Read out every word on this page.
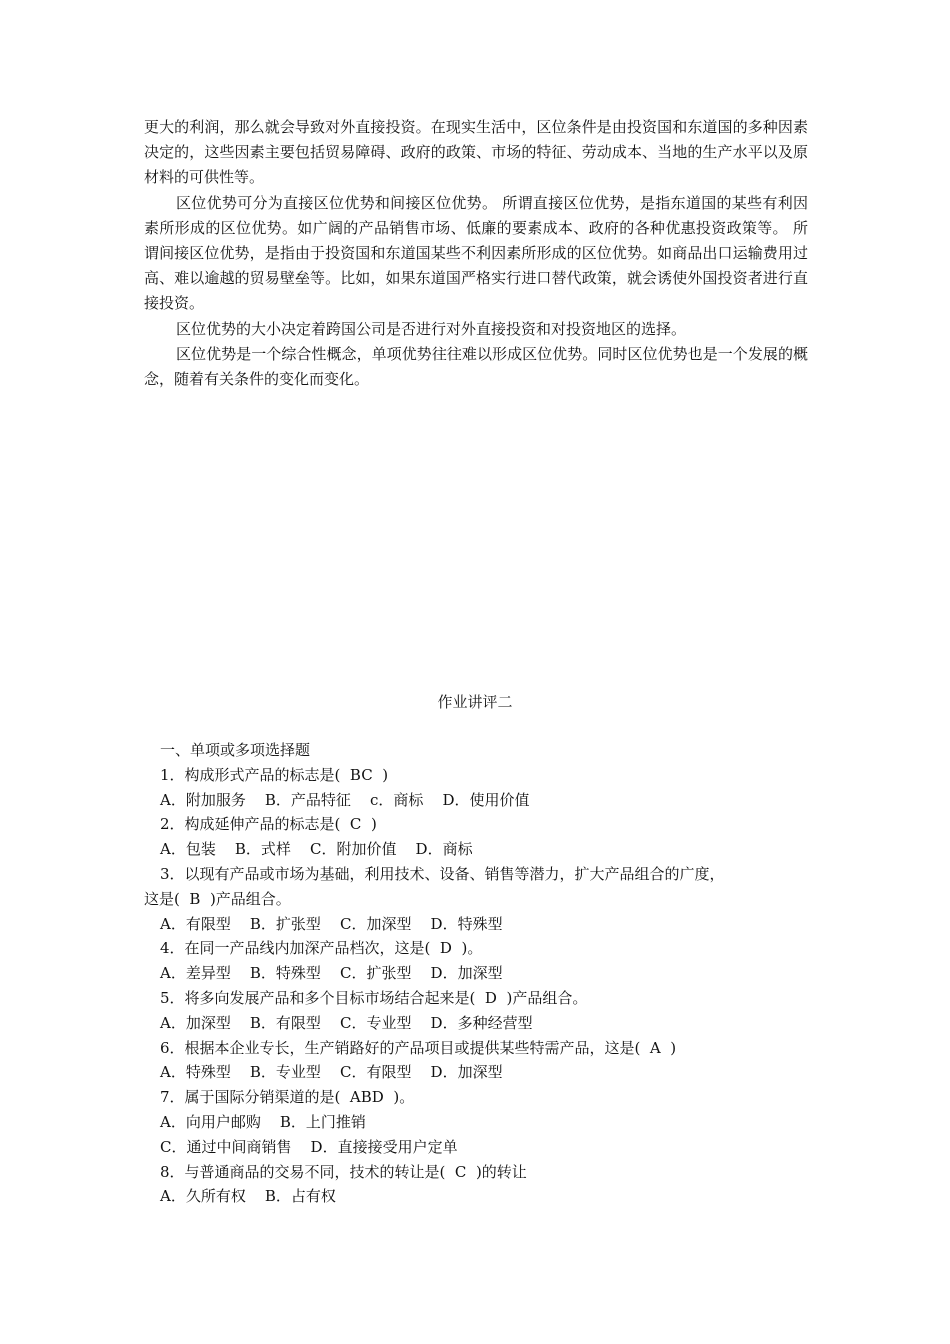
更大的利润，那么就会导致对外直接投资。在现实生活中，区位条件是由投资国和东道国的多种因素决定的，这些因素主要包括贸易障碍、政府的政策、市场的特征、劳动成本、当地的生产水平以及原材料的可供性等。

区位优势可分为直接区位优势和间接区位优势。 所谓直接区位优势，是指东道国的某些有利因素所形成的区位优势。如广阔的产品销售市场、低廉的要素成本、政府的各种优惠投资政策等。 所谓间接区位优势，是指由于投资国和东道国某些不利因素所形成的区位优势。如商品出口运输费用过高、难以逾越的贸易壁垒等。比如，如果东道国严格实行进口替代政策，就会诱使外国投资者进行直接投资。

区位优势的大小决定着跨国公司是否进行对外直接投资和对投资地区的选择。

区位优势是一个综合性概念，单项优势往往难以形成区位优势。同时区位优势也是一个发展的概念，随着有关条件的变化而变化。

作业讲评二
一、单项或多项选择题
1．构成形式产品的标志是(  BC  )
A．附加服务    B．产品特征    c．商标    D．使用价值
2．构成延伸产品的标志是(  C  )
A．包装    B．式样    C．附加价值    D．商标
3．以现有产品或市场为基础，利用技术、设备、销售等潜力，扩大产品组合的广度，
这是(  B  )产品组合。
A．有限型    B．扩张型    C．加深型    D．特殊型
4．在同一产品线内加深产品档次，这是(  D  )。
A．差异型    B．特殊型    C．扩张型    D．加深型
5．将多向发展产品和多个目标市场结合起来是(  D  )产品组合。
A．加深型    B．有限型    C．专业型    D．多种经营型
6．根据本企业专长，生产销路好的产品项目或提供某些特需产品，这是(  A  )
A．特殊型    B．专业型    C．有限型    D．加深型
7．属于国际分销渠道的是(  ABD  )。
A．向用户邮购    B．上门推销
C．通过中间商销售    D．直接接受用户定单
8．与普通商品的交易不同，技术的转让是(  C  )的转让
A．久所有权    B．占有权
